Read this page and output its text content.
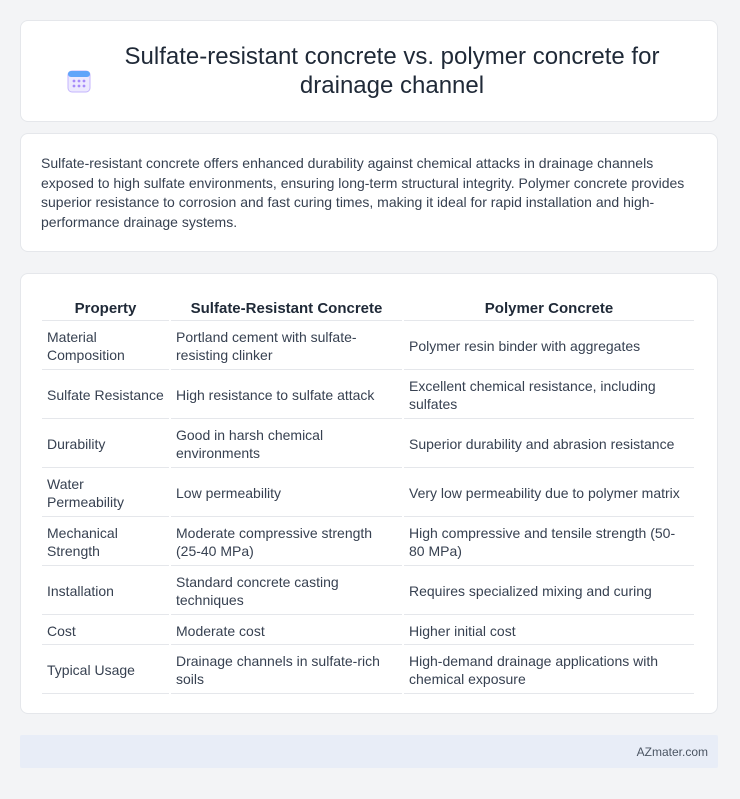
Sulfate-resistant concrete vs. polymer concrete for drainage channel

Sulfate-resistant concrete offers enhanced durability against chemical attacks in drainage channels exposed to high sulfate environments, ensuring long-term structural integrity. Polymer concrete provides superior resistance to corrosion and fast curing times, making it ideal for rapid installation and high-performance drainage systems.

Property	Sulfate-Resistant Concrete	Polymer Concrete
Material Composition	Portland cement with sulfate-resisting clinker	Polymer resin binder with aggregates
Sulfate Resistance	High resistance to sulfate attack	Excellent chemical resistance, including sulfates
Durability	Good in harsh chemical environments	Superior durability and abrasion resistance
Water Permeability	Low permeability	Very low permeability due to polymer matrix
Mechanical Strength	Moderate compressive strength (25-40 MPa)	High compressive and tensile strength (50-80 MPa)
Installation	Standard concrete casting techniques	Requires specialized mixing and curing
Cost	Moderate cost	Higher initial cost
Typical Usage	Drainage channels in sulfate-rich soils	High-demand drainage applications with chemical exposure
AZmater.com
